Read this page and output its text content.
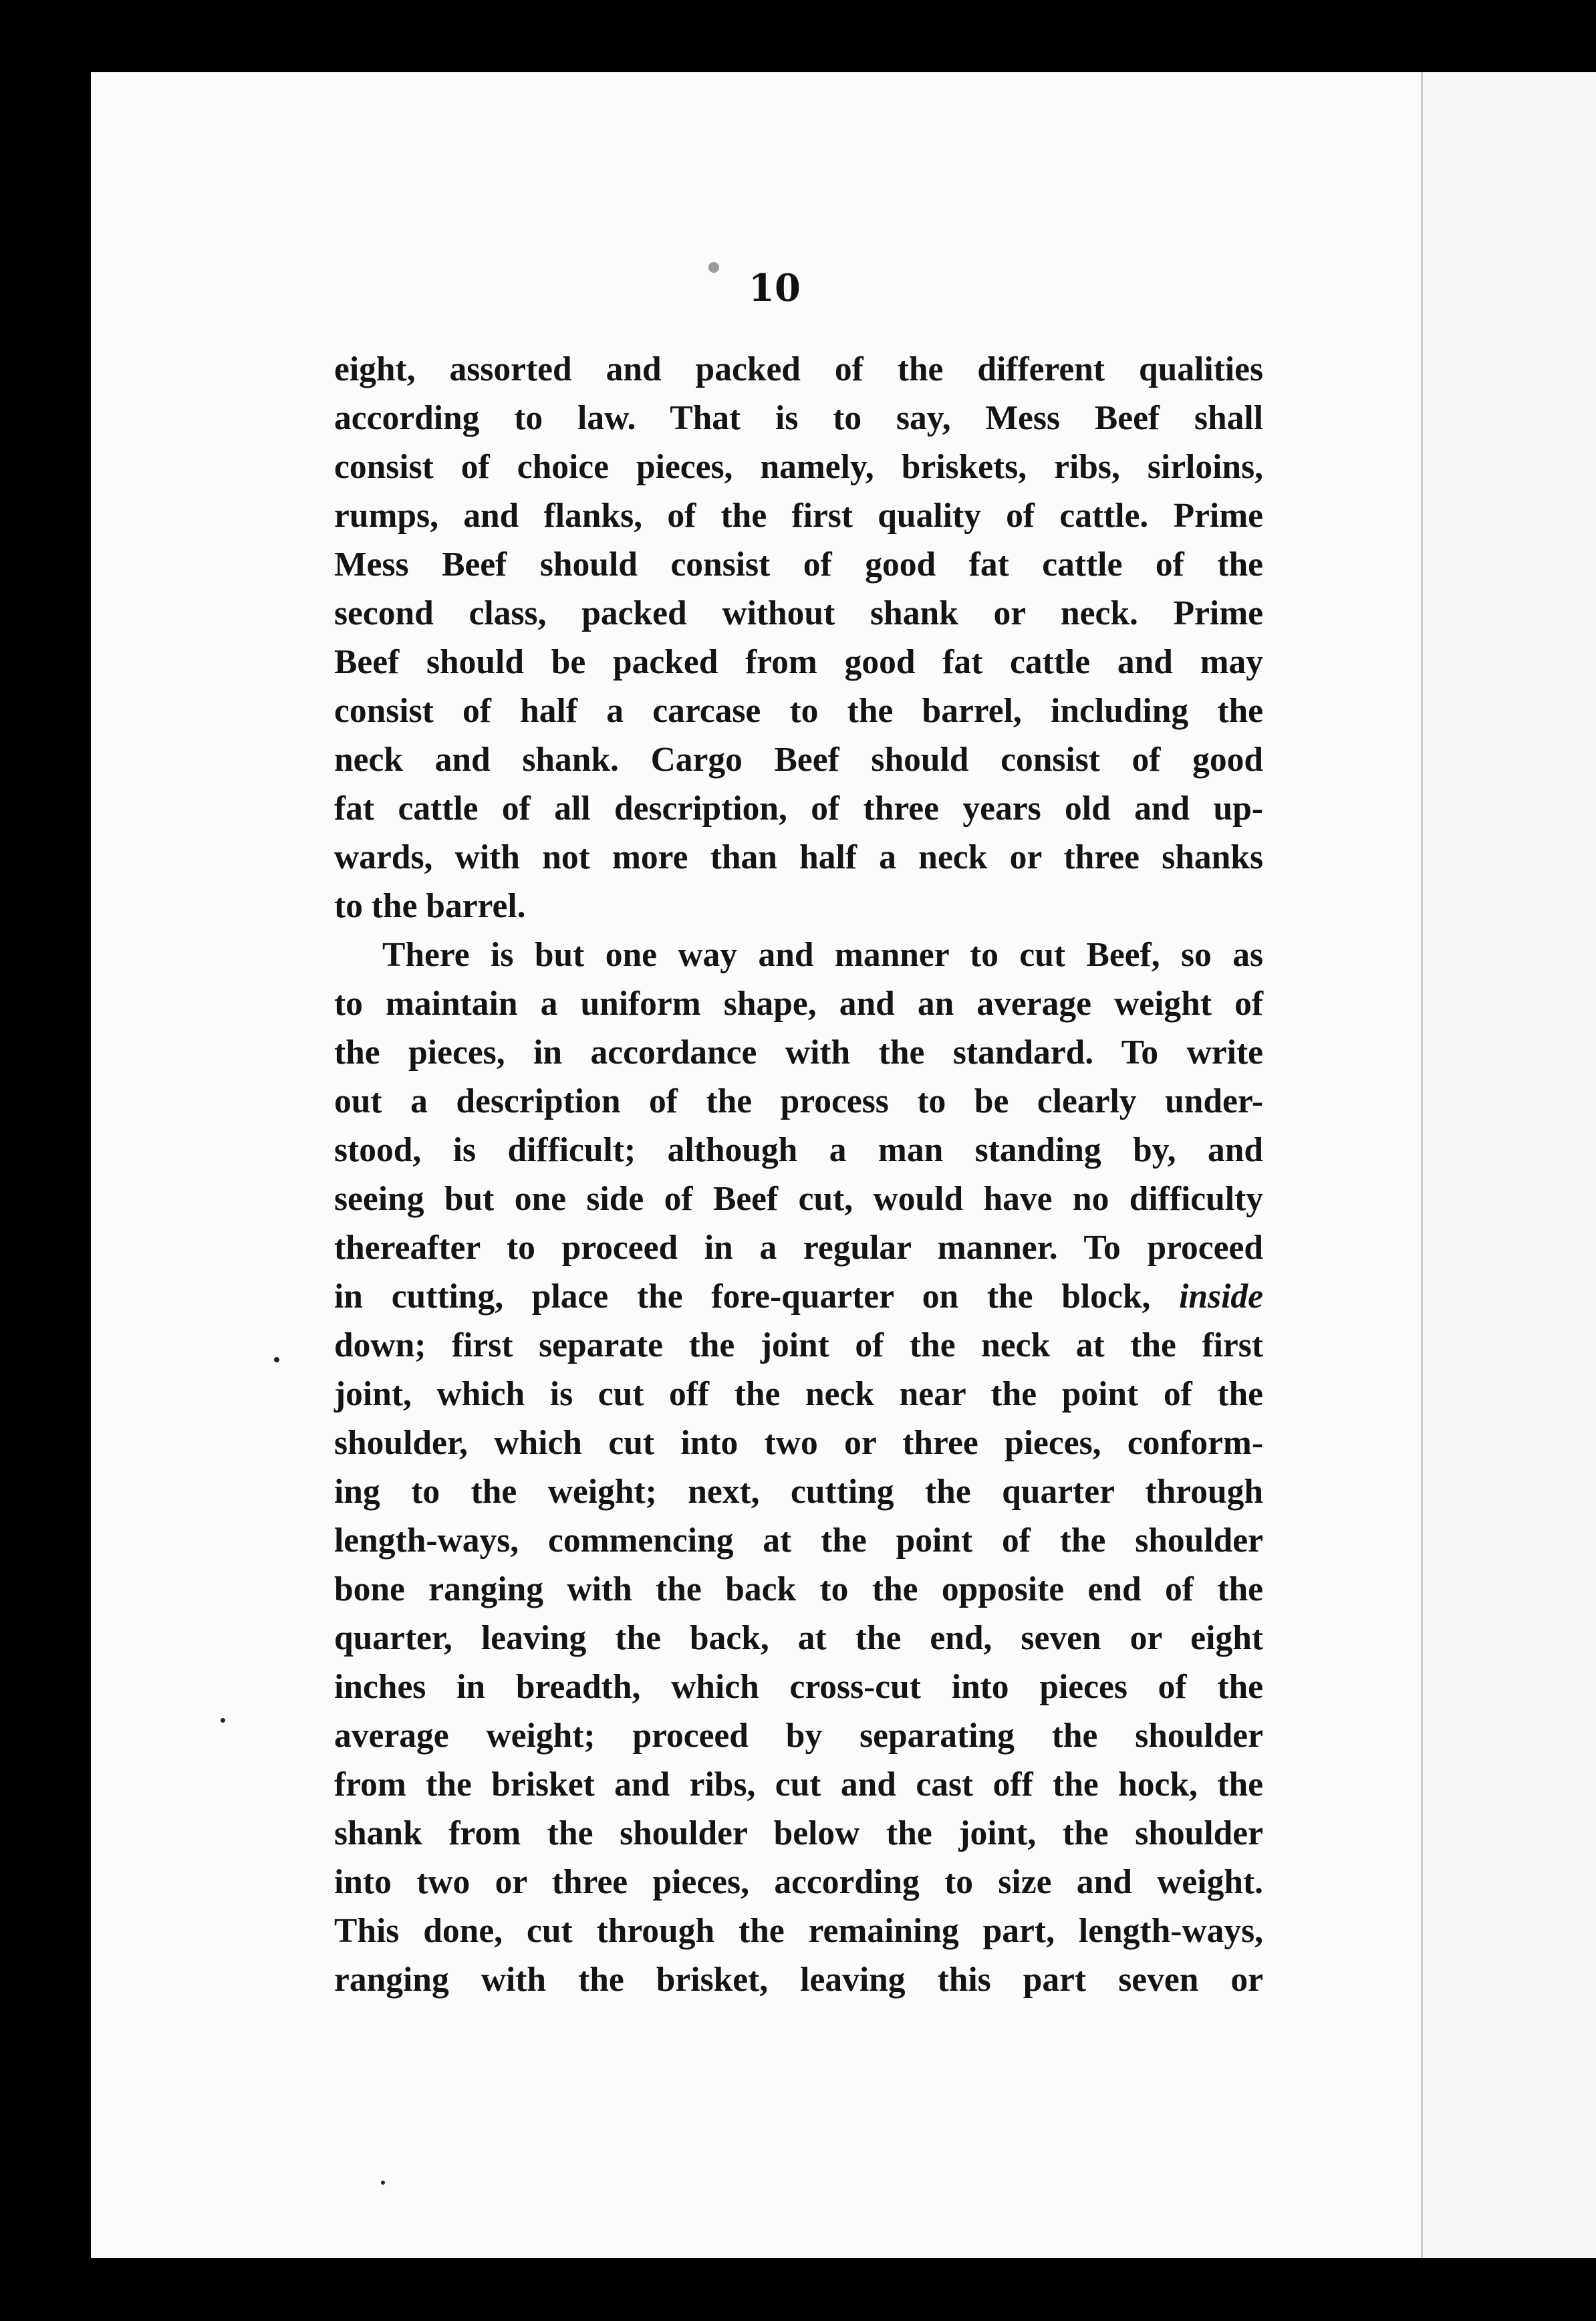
10
eight, assorted and packed of the different qualities
according to law. That is to say, Mess Beef shall
consist of choice pieces, namely, briskets, ribs, sirloins,
rumps, and flanks, of the first quality of cattle. Prime
Mess Beef should consist of good fat cattle of the
second class, packed without shank or neck. Prime
Beef should be packed from good fat cattle and may
consist of half a carcase to the barrel, including the
neck and shank. Cargo Beef should consist of good
fat cattle of all description, of three years old and up-
wards, with not more than half a neck or three shanks
to the barrel.
There is but one way and manner to cut Beef, so as
to maintain a uniform shape, and an average weight of
the pieces, in accordance with the standard. To write
out a description of the process to be clearly under-
stood, is difficult; although a man standing by, and
seeing but one side of Beef cut, would have no difficulty
thereafter to proceed in a regular manner. To proceed
in cutting, place the fore-quarter on the block, inside
down; first separate the joint of the neck at the first
joint, which is cut off the neck near the point of the
shoulder, which cut into two or three pieces, conform-
ing to the weight; next, cutting the quarter through
length-ways, commencing at the point of the shoulder
bone ranging with the back to the opposite end of the
quarter, leaving the back, at the end, seven or eight
inches in breadth, which cross-cut into pieces of the
average weight; proceed by separating the shoulder
from the brisket and ribs, cut and cast off the hock, the
shank from the shoulder below the joint, the shoulder
into two or three pieces, according to size and weight.
This done, cut through the remaining part, length-ways,
ranging with the brisket, leaving this part seven or
